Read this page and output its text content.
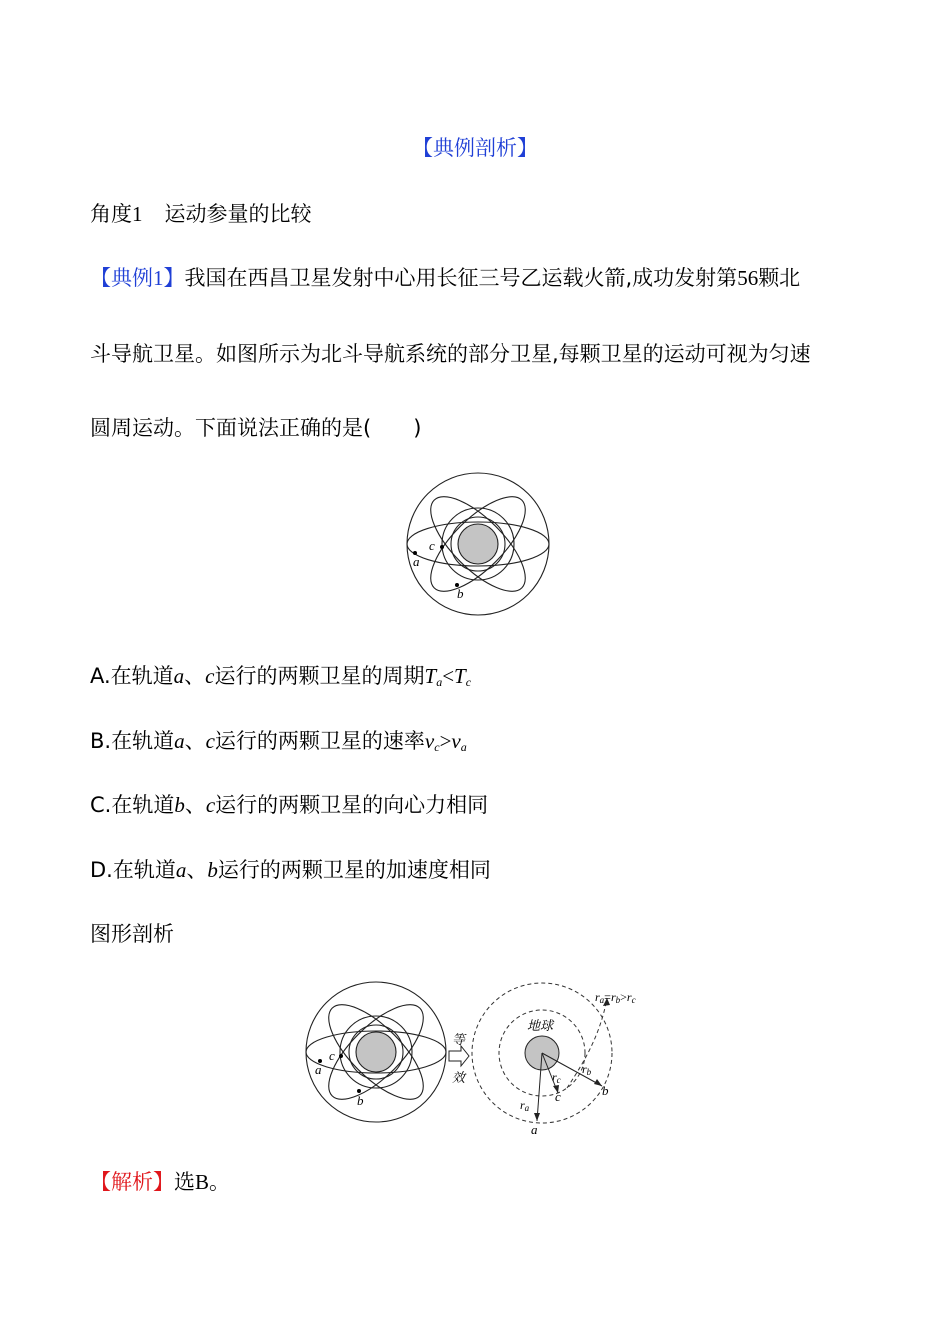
【典例剖析】
角度1 运动参量的比较
【典例1】我国在西昌卫星发射中心用长征三号乙运载火箭,成功发射第56颗北
斗导航卫星。如图所示为北斗导航系统的部分卫星,每颗卫星的运动可视为匀速
圆周运动。下面说法正确的是(　　)
a
c
b
A.在轨道a、c运行的两颗卫星的周期$T_a<T_c$
B.在轨道a、c运行的两颗卫星的速率$v_c>v_a$
C.在轨道b、c运行的两颗卫星的向心力相同
D.在轨道a、b运行的两颗卫星的加速度相同
图形剖析
a
c
b
等
效
地球
a
c	b
ra
rc
rb
ra=rb>rc
【解析】选B。
